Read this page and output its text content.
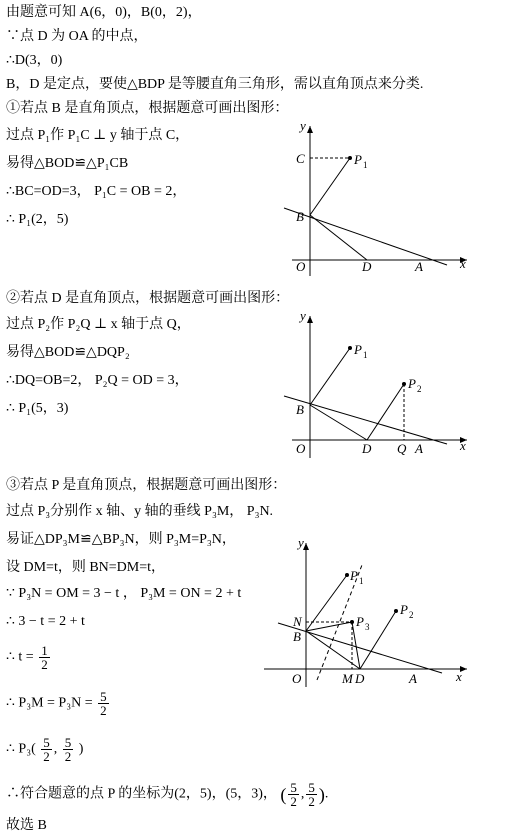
由题意可知 A(6，0)，B(0，2)，
∵点 D 为 OA 的中点，
∴D(3，0)
B，D 是定点，要使△BDP 是等腰直角三角形，需以直角顶点来分类.
①若点 B 是直角顶点，根据题意可画出图形：
过点 P₁作 P₁C ⊥ y 轴于点 C，
易得△BOD≌△P₁CB
∴BC=OD=3， P₁C = OB = 2，
∴ P₁(2，5)
②若点 D 是直角顶点，根据题意可画出图形：
过点 P₂作 P₂Q ⊥ x 轴于点 Q，
易得△BOD≌△DQP₂
∴DQ=OB=2， P₂Q = OD = 3，
∴ P₁(5，3)
③若点 P 是直角顶点，根据题意可画出图形：
过点 P₃分别作 x 轴、y 轴的垂线 P₃M， P₃N.
易证△DP₃M≌△BP₃N，则 P₃M=P₃N，
设 DM=t，则 BN=DM=t，
∵ P₃N = OM = 3 − t ， P₃M = ON = 2 + t
∴ 3 − t = 2 + t
∴ $t = \frac{1}{2}$
∴ $P_3M = P_3N = \frac{5}{2}$
∴ $P_3( \frac{5}{2}$ , $\frac{5}{2}$ )
∴符合题意的点 P 的坐标为(2，5)，(5，3)， ( $\frac{5}{2}$ , $\frac{5}{2}$ ).
故选 B
y
x
C	P 1
B
O	D	A
y
x
P 1
P 2
B
O	D Q A
y
x
P 1
P 2
P 3
N
B
O	M D	A
